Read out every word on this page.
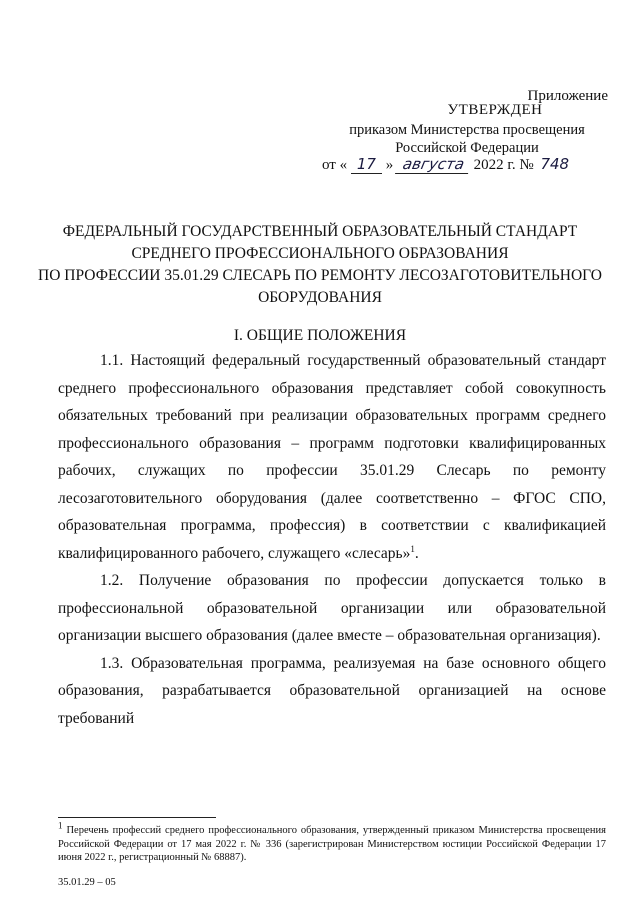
Приложение
УТВЕРЖДЕН
приказом Министерства просвещения
Российской Федерации
от « 17 » августа 2022 г. № 748
ФЕДЕРАЛЬНЫЙ ГОСУДАРСТВЕННЫЙ ОБРАЗОВАТЕЛЬНЫЙ СТАНДАРТ
СРЕДНЕГО ПРОФЕССИОНАЛЬНОГО ОБРАЗОВАНИЯ
ПО ПРОФЕССИИ 35.01.29 СЛЕСАРЬ ПО РЕМОНТУ ЛЕСОЗАГОТОВИТЕЛЬНОГО
ОБОРУДОВАНИЯ
I. ОБЩИЕ ПОЛОЖЕНИЯ

1.1. Настоящий федеральный государственный образовательный стандарт среднего профессионального образования представляет собой совокупность обязательных требований при реализации образовательных программ среднего профессионального образования – программ подготовки квалифицированных рабочих, служащих по профессии 35.01.29 Слесарь по ремонту лесозаготовительного оборудования (далее соответственно – ФГОС СПО, образовательная программа, профессия) в соответствии с квалификацией квалифицированного рабочего, служащего «слесарь»$^1$.

1.2. Получение образования по профессии допускается только в профессиональной образовательной организации или образовательной организации высшего образования (далее вместе – образовательная организация).

1.3. Образовательная программа, реализуемая на базе основного общего образования, разрабатывается образовательной организацией на основе требований

$^1$ Перечень профессий среднего профессионального образования, утвержденный приказом Министерства просвещения Российской Федерации от 17 мая 2022 г. № 336 (зарегистрирован Министерством юстиции Российской Федерации 17 июня 2022 г., регистрационный № 68887).
35.01.29 – 05
